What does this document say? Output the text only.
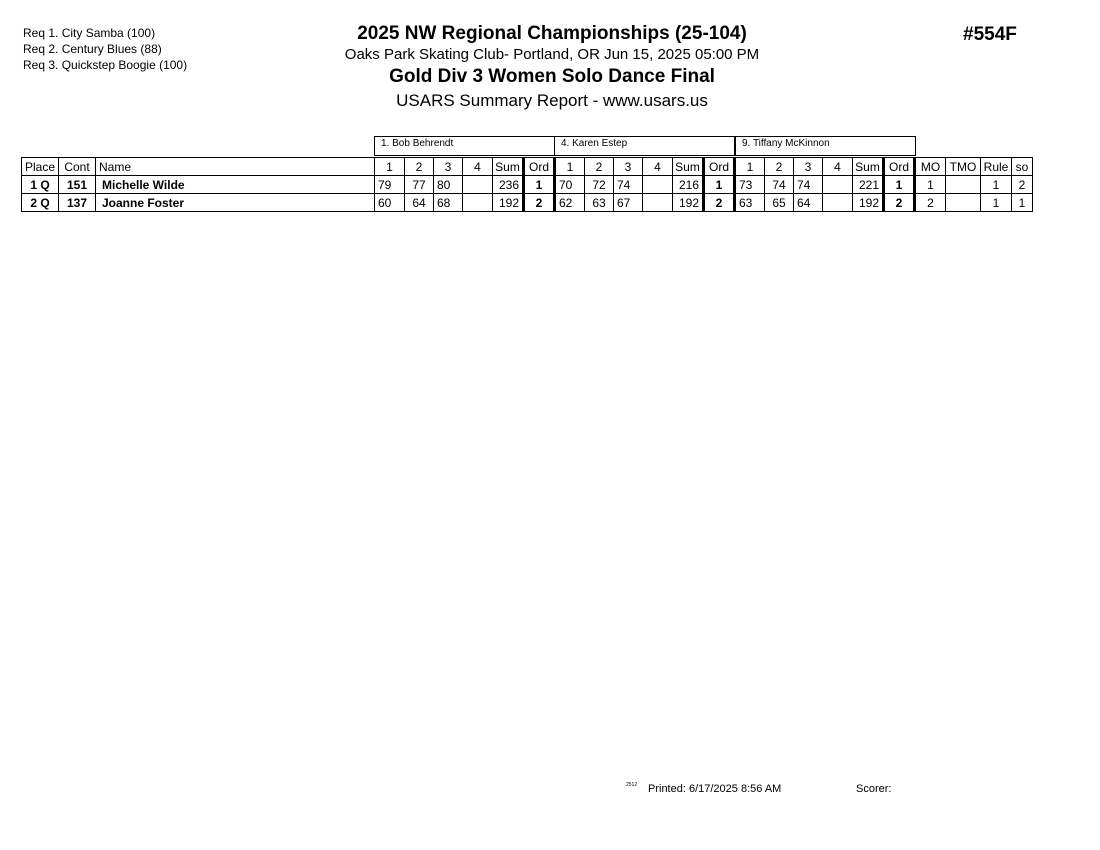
Req 1. City Samba (100)
Req 2. Century Blues (88)
Req 3. Quickstep Boogie (100)
2025 NW Regional Championships (25-104)
Oaks Park Skating Club- Portland, OR Jun 15, 2025 05:00 PM
Gold Div 3 Women Solo Dance Final
USARS Summary Report - www.usars.us
#554F
1. Bob Behrendt	4. Karen Estep	9. Tiffany McKinnon
Place	Cont	Name	1	2	3	4	Sum	Ord	1	2	3	4	Sum	Ord	1	2	3	4	Sum	Ord	MO	TMO	Rule	so
1 Q	151	Michelle Wilde	79	77	80		236	1	70	72	74		216	1	73	74	74		221	1	1		1	2
2 Q	137	Joanne Foster	60	64	68		192	2	62	63	67		192	2	63	65	64		192	2	2		1	1
2512 Printed: 6/17/2025 8:56 AM	Scorer:
